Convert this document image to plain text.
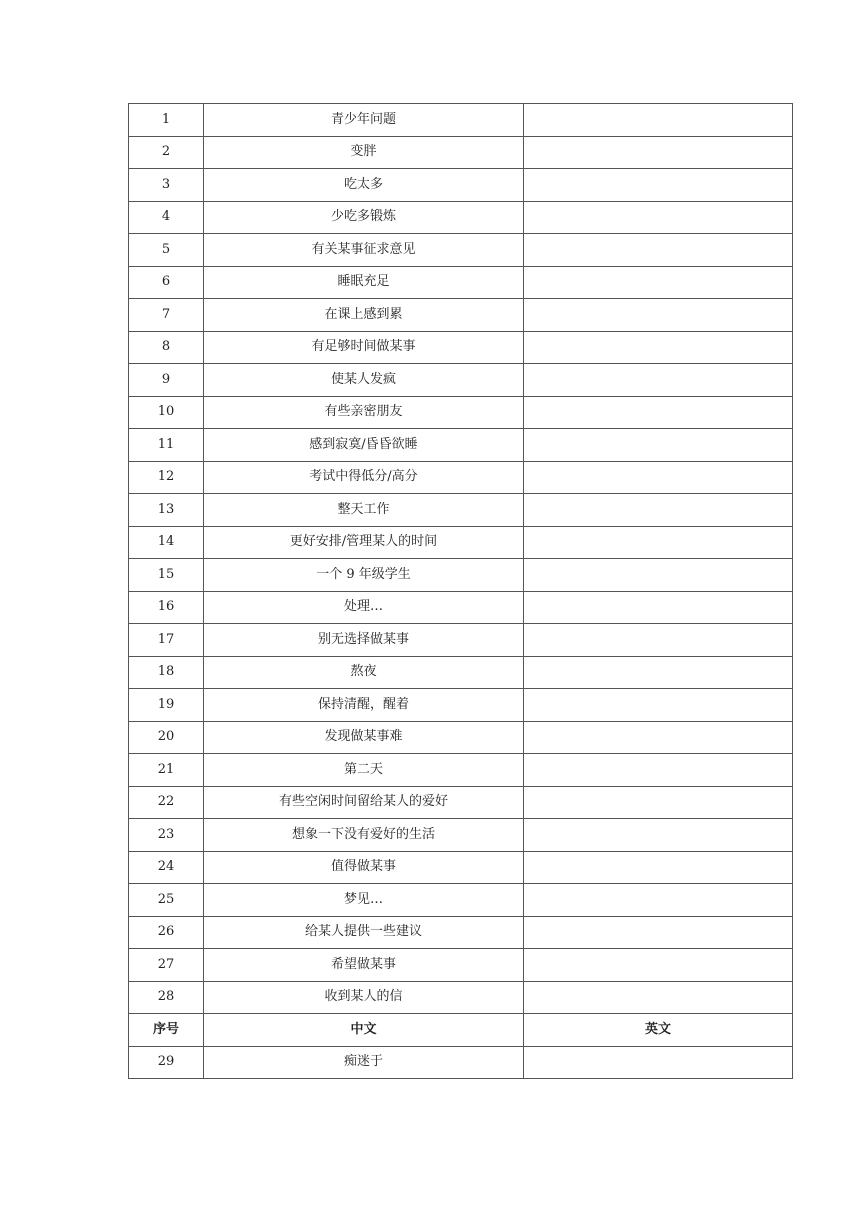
1	青少年问题	
2	变胖	
3	吃太多	
4	少吃多锻炼	
5	有关某事征求意见	
6	睡眠充足	
7	在课上感到累	
8	有足够时间做某事	
9	使某人发疯	
10	有些亲密朋友	
11	感到寂寞/昏昏欲睡	
12	考试中得低分/高分	
13	整天工作	
14	更好安排/管理某人的时间	
15	一个 9 年级学生	
16	处理…	
17	别无选择做某事	
18	熬夜	
19	保持清醒，醒着	
20	发现做某事难	
21	第二天	
22	有些空闲时间留给某人的爱好	
23	想象一下没有爱好的生活	
24	值得做某事	
25	梦见…	
26	给某人提供一些建议	
27	希望做某事	
28	收到某人的信	
序号	中文	英文
29	痴迷于	
